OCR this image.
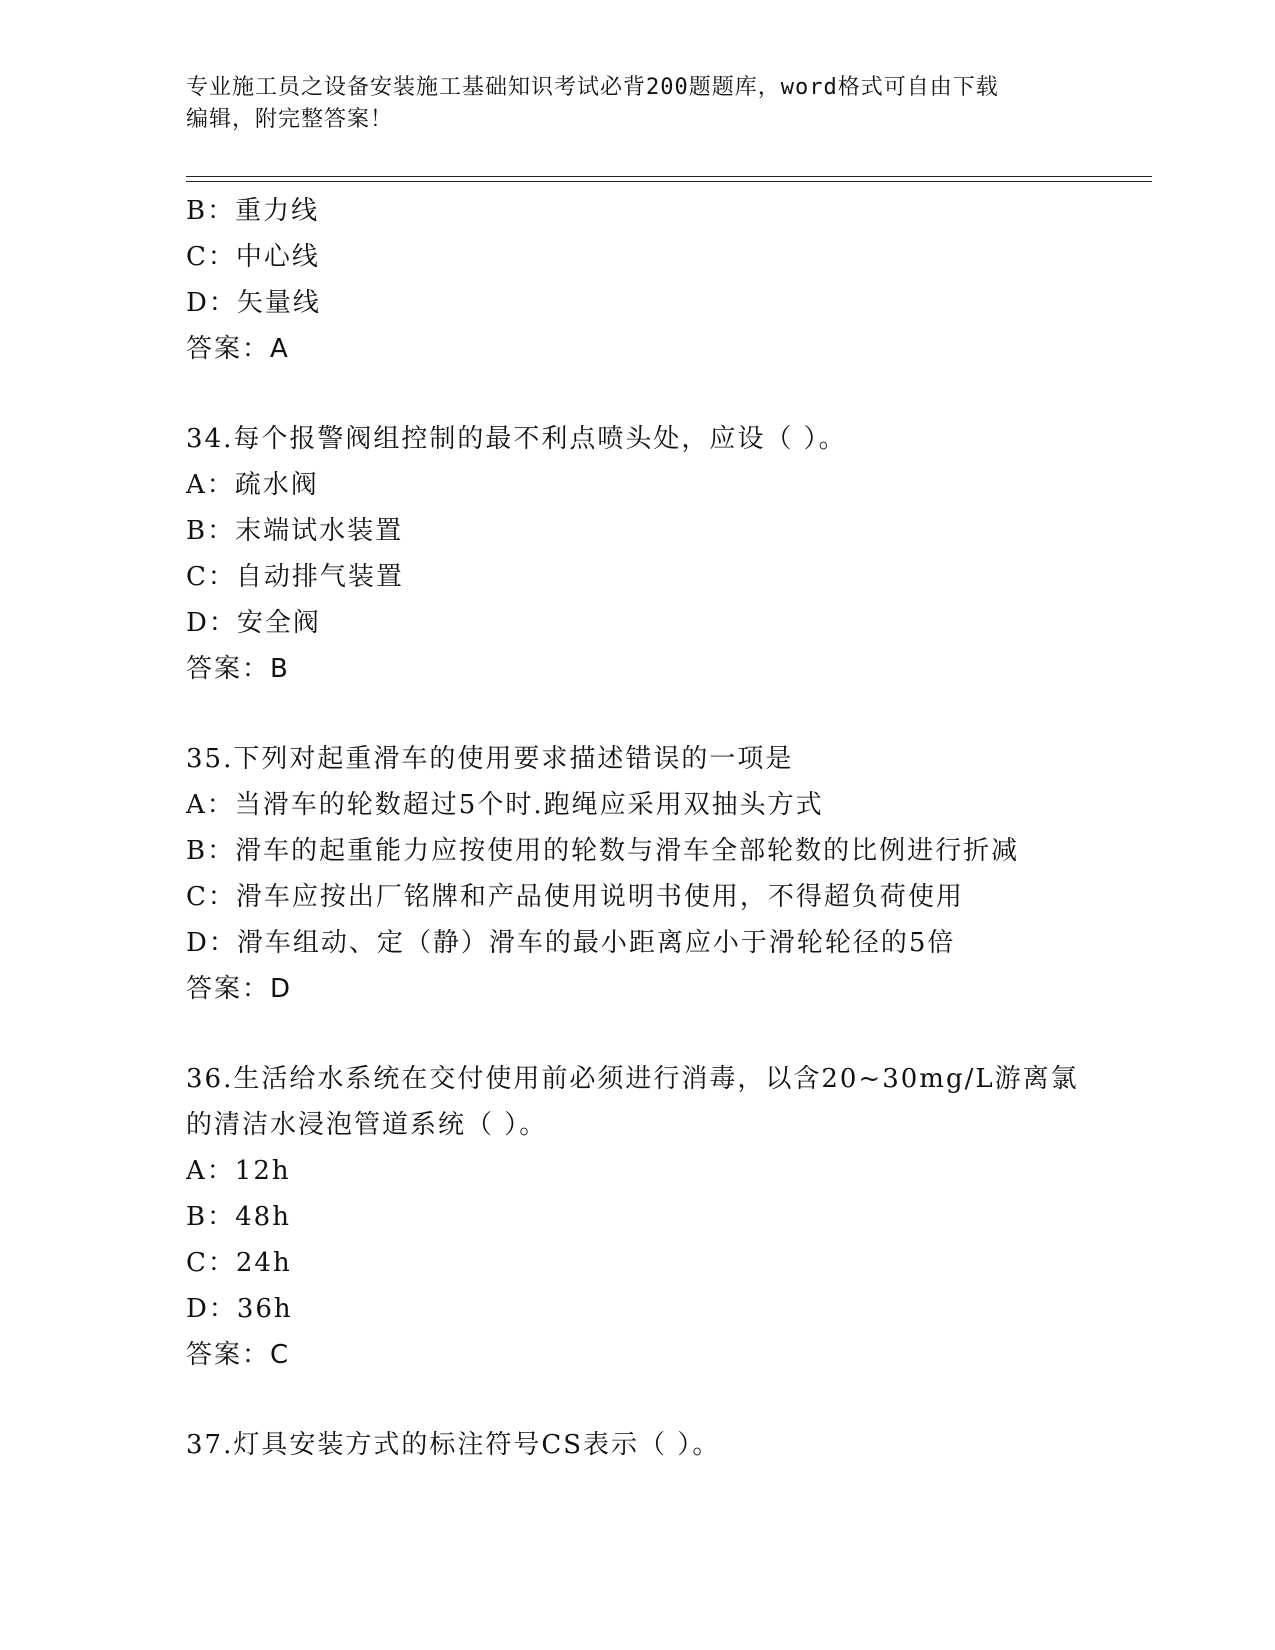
专业施工员之设备安装施工基础知识考试必背200题题库，word格式可自由下载
编辑，附完整答案！
B：重力线
C：中心线
D：矢量线
答案：A
34.每个报警阀组控制的最不利点喷头处，应设（ ）。
A：疏水阀
B：末端试水装置
C：自动排气装置
D：安全阀
答案：B
35.下列对起重滑车的使用要求描述错误的一项是
A：当滑车的轮数超过5个时.跑绳应采用双抽头方式
B：滑车的起重能力应按使用的轮数与滑车全部轮数的比例进行折减
C：滑车应按出厂铭牌和产品使用说明书使用，不得超负荷使用
D：滑车组动、定（静）滑车的最小距离应小于滑轮轮径的5倍
答案：D
36.生活给水系统在交付使用前必须进行消毒，以含20~30mg/L游离氯
的清洁水浸泡管道系统（ ）。
A：12h
B：48h
C：24h
D：36h
答案：C
37.灯具安装方式的标注符号CS表示（ ）。
